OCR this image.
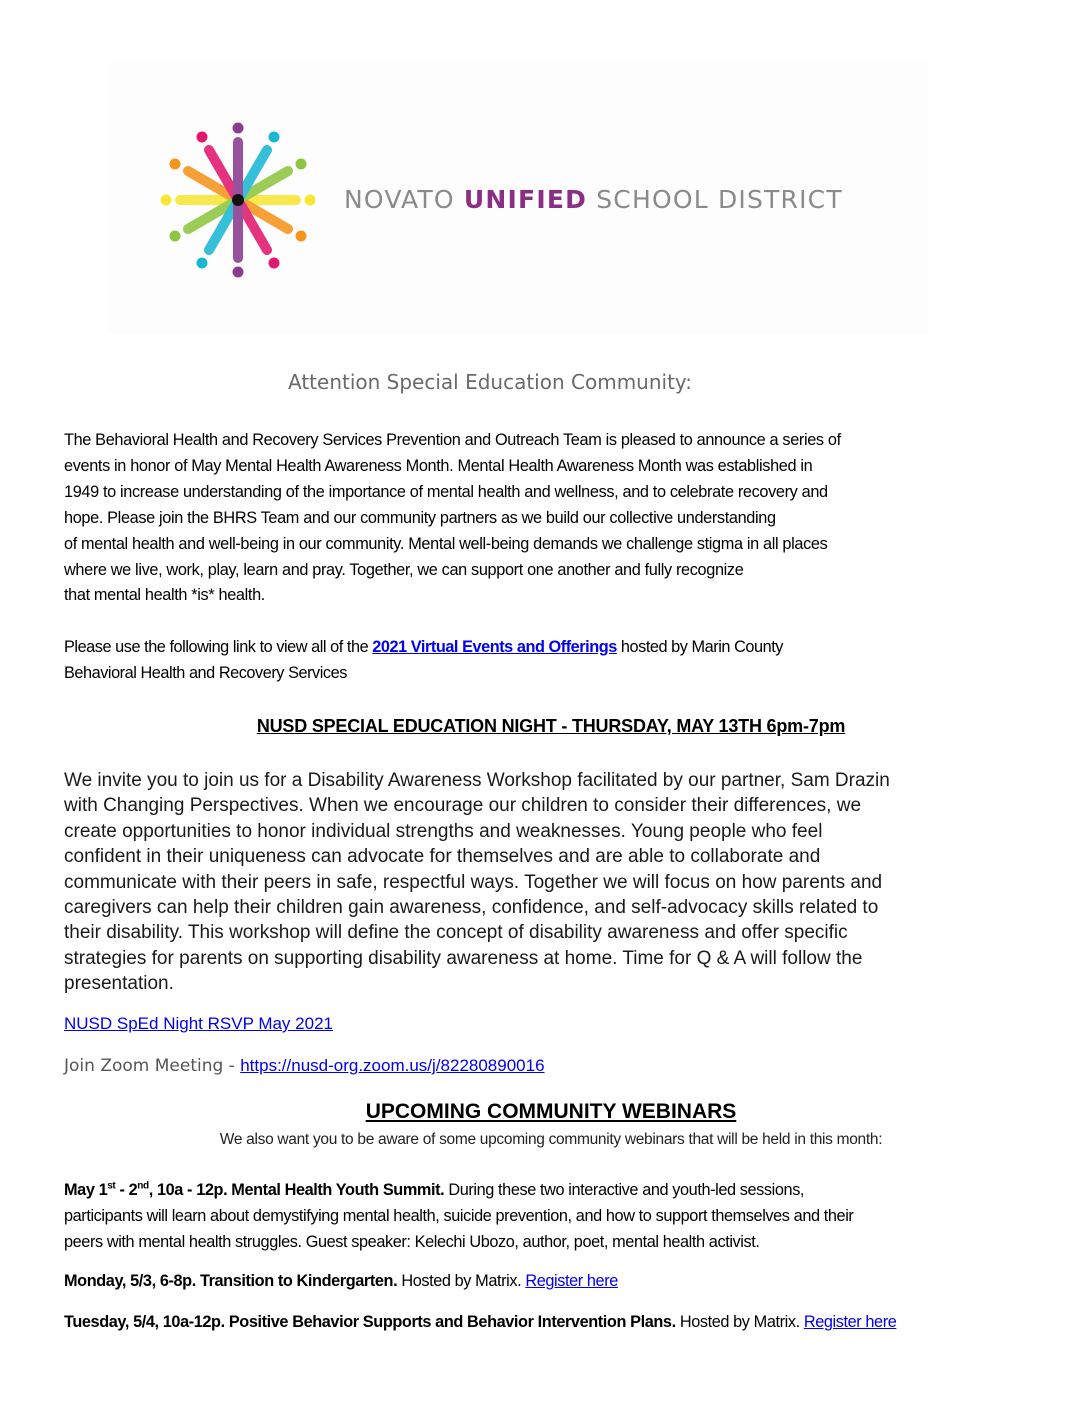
NOVATO UNIFIED SCHOOL DISTRICT
Attention Special Education Community:
The Behavioral Health and Recovery Services Prevention and Outreach Team is pleased to announce a series of
events in honor of May Mental Health Awareness Month. Mental Health Awareness Month was established in
1949 to increase understanding of the importance of mental health and wellness, and to celebrate recovery and
hope. Please join the BHRS Team and our community partners as we build our collective understanding
of mental health and well-being in our community. Mental well-being demands we challenge stigma in all places
where we live, work, play, learn and pray. Together, we can support one another and fully recognize
that mental health *is* health.
Please use the following link to view all of the 2021 Virtual Events and Offerings hosted by Marin County
Behavioral Health and Recovery Services
NUSD SPECIAL EDUCATION NIGHT - THURSDAY, MAY 13TH 6pm-7pm
We invite you to join us for a Disability Awareness Workshop facilitated by our partner, Sam Drazin
with Changing Perspectives. When we encourage our children to consider their differences, we
create opportunities to honor individual strengths and weaknesses. Young people who feel
confident in their uniqueness can advocate for themselves and are able to collaborate and
communicate with their peers in safe, respectful ways. Together we will focus on how parents and
caregivers can help their children gain awareness, confidence, and self-advocacy skills related to
their disability. This workshop will define the concept of disability awareness and offer specific
strategies for parents on supporting disability awareness at home. Time for Q & A will follow the
presentation.
NUSD SpEd Night RSVP May 2021
Join Zoom Meeting - https://nusd-org.zoom.us/j/82280890016
UPCOMING COMMUNITY WEBINARS
We also want you to be aware of some upcoming community webinars that will be held in this month:
May 1st - 2nd, 10a - 12p. Mental Health Youth Summit. During these two interactive and youth-led sessions,
participants will learn about demystifying mental health, suicide prevention, and how to support themselves and their
peers with mental health struggles. Guest speaker: Kelechi Ubozo, author, poet, mental health activist.
Monday, 5/3, 6-8p. Transition to Kindergarten. Hosted by Matrix. Register here
Tuesday, 5/4, 10a-12p. Positive Behavior Supports and Behavior Intervention Plans. Hosted by Matrix. Register here
